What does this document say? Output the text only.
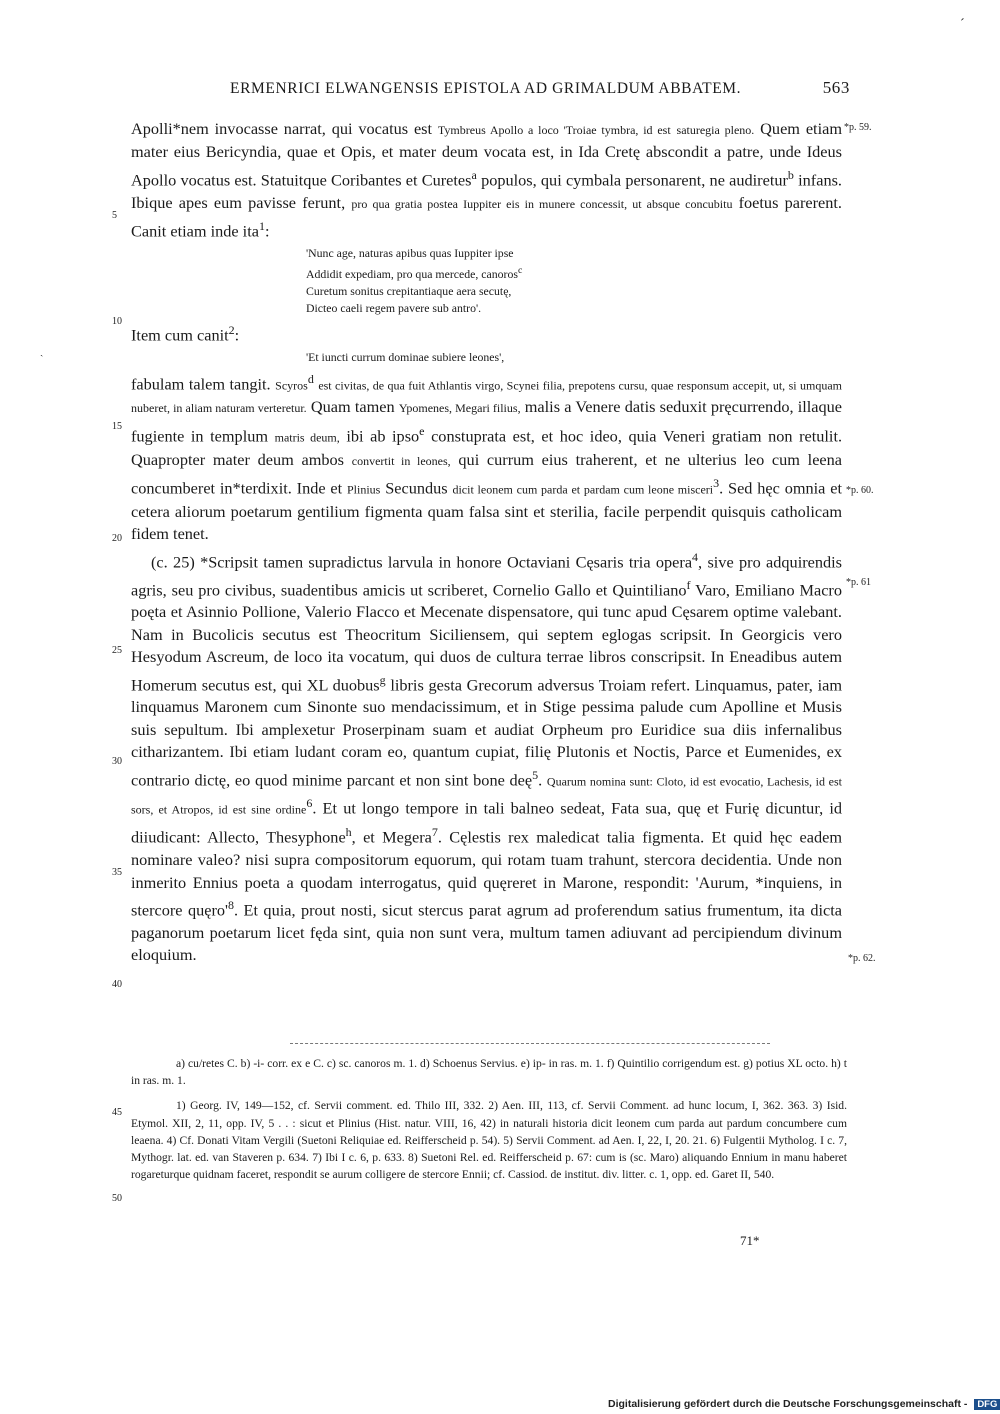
´
ERMENRICI ELWANGENSIS EPISTOLA AD GRIMALDUM ABBATEM.	563
*p. 59.
*p. 60.
*p. 61
*p. 62.
5
10
15
20
25
30
35
40
45
50
ˎ

Apolli*nem invocasse narrat, qui vocatus est Tymbreus Apollo a loco 'Troiae tymbra, id est saturegia pleno. Quem etiam mater eius Bericyndia, quae et Opis, et mater deum vocata est, in Ida Cretę abscondit a patre, unde Ideus Apollo vocatus est. Statuitque Coribantes et Curetes$^a$ populos, qui cymbala personarent, ne audiretur$^b$ infans. Ibique apes eum pavisse ferunt, pro qua gratia postea Iuppiter eis in munere concessit, ut absque concubitu foetus parerent. Canit etiam inde ita$^1$:

'Nunc age, naturas apibus quas Iuppiter ipse
Addidit expediam, pro qua mercede, canoros$^c$
Curetum sonitus crepitantiaque aera secutę,
Dicteo caeli regem pavere sub antro'.

Item cum canit$^2$:

'Et iuncti currum dominae subiere leones',

fabulam talem tangit. Scyros$^d$ est civitas, de qua fuit Athlantis virgo, Scynei filia, prepotens cursu, quae responsum accepit, ut, si umquam nuberet, in aliam naturam verteretur. Quam tamen Ypomenes, Megari filius, malis a Venere datis seduxit pręcurrendo, illaque fugiente in templum matris deum, ibi ab ipso$^e$ constuprata est, et hoc ideo, quia Veneri gratiam non retulit. Quapropter mater deum ambos convertit in leones, qui currum eius traherent, et ne ulterius leo cum leena concumberet in*terdixit. Inde et Plinius Secundus dicit leonem cum parda et pardam cum leone misceri$^3$. Sed hęc omnia et cetera aliorum poetarum gentilium figmenta quam falsa sint et sterilia, facile perpendit quisquis catholicam fidem tenet.

(c. 25) *Scripsit tamen supradictus larvula in honore Octaviani Cęsaris tria opera$^4$, sive pro adquirendis agris, seu pro civibus, suadentibus amicis ut scriberet, Cornelio Gallo et Quintiliano$^f$ Varo, Emiliano Macro poęta et Asinnio Pollione, Valerio Flacco et Mecenate dispensatore, qui tunc apud Cęsarem optime valebant. Nam in Bucolicis secutus est Theocritum Siciliensem, qui septem eglogas scripsit. In Georgicis vero Hesyodum Ascreum, de loco ita vocatum, qui duos de cultura terrae libros conscripsit. In Eneadibus autem Homerum secutus est, qui XL duobus$^g$ libris gesta Grecorum adversus Troiam refert. Linquamus, pater, iam linquamus Maronem cum Sinonte suo mendacissimum, et in Stige pessima palude cum Apolline et Musis suis sepultum. Ibi amplexetur Proserpinam suam et audiat Orpheum pro Euridice sua diis infernalibus citharizantem. Ibi etiam ludant coram eo, quantum cupiat, filię Plutonis et Noctis, Parce et Eumenides, ex contrario dictę, eo quod minime parcant et non sint bone deę$^5$. Quarum nomina sunt: Cloto, id est evocatio, Lachesis, id est sors, et Atropos, id est sine ordine$^6$. Et ut longo tempore in tali balneo sedeat, Fata sua, quę et Furię dicuntur, id diiudicant: Allecto, Thesyphone$^h$, et Megera$^7$. Cęlestis rex maledicat talia figmenta. Et quid hęc eadem nominare valeo? nisi supra compositorum equorum, qui rotam tuam trahunt, stercora decidentia. Unde non inmerito Ennius poeta a quodam interrogatus, quid quęreret in Marone, respondit: 'Aurum, *inquiens, in stercore $quęro'^8$. Et quia, prout nosti, sicut stercus parat agrum ad proferendum satius frumentum, ita dicta paganorum poetarum licet fęda sint, quia non sunt vera, multum tamen adiuvant ad percipiendum divinum eloquium.

a) cu/retes C. b) -i- corr. ex e C. c) sc. canoros m. 1. d) Schoenus Servius. e) ip- in ras. m. 1. f) Quintilio corrigendum est. g) potius XL octo. h) t in ras. m. 1.

1) Georg. IV, 149—152, cf. Servii comment. ed. Thilo III, 332. 2) Aen. III, 113, cf. Servii Comment. ad hunc locum, I, 362. 363. 3) Isid. Etymol. XII, 2, 11, opp. IV, 5 . . : sicut et Plinius (Hist. natur. VIII, 16, 42) in naturali historia dicit leonem cum parda aut pardum concumbere cum leaena. 4) Cf. Donati Vitam Vergili (Suetoni Reliquiae ed. Reifferscheid p. 54). 5) Servii Comment. ad Aen. I, 22, I, 20. 21. 6) Fulgentii Mytholog. I c. 7, Mythogr. lat. ed. van Staveren p. 634. 7) Ibi I c. 6, p. 633. 8) Suetoni Rel. ed. Reifferscheid p. 67: cum is (sc. Maro) aliquando Ennium in manu haberet rogareturque quidnam faceret, respondit se aurum colligere de stercore Ennii; cf. Cassiod. de institut. div. litter. c. 1, opp. ed. Garet II, 540.

71*
Digitalisierung gefördert durch die Deutsche Forschungsgemeinschaft - DFG
